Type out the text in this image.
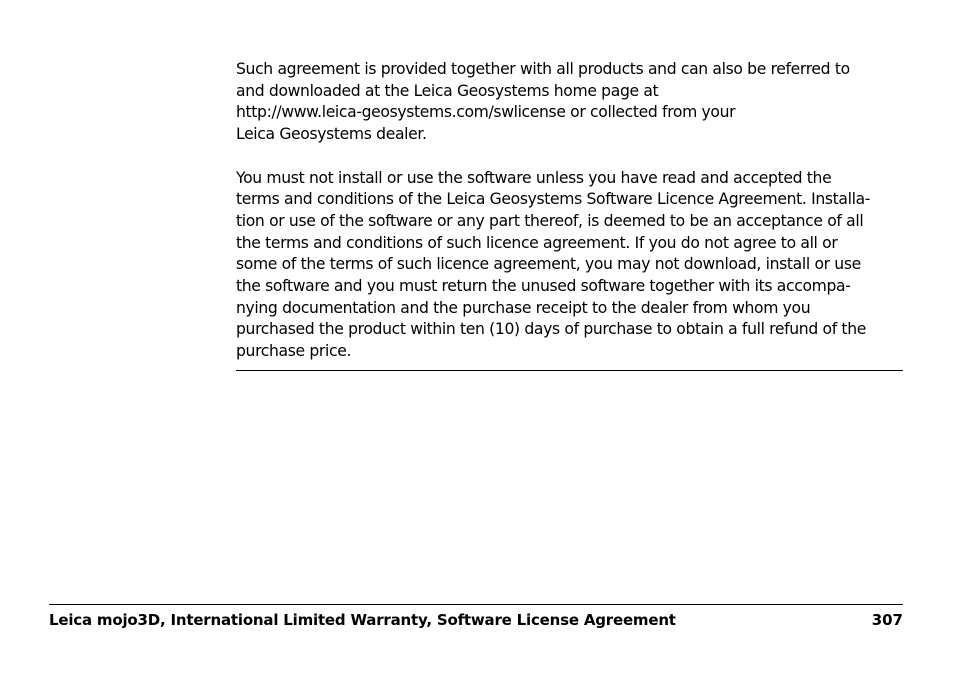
Such agreement is provided together with all products and can also be referred to
and downloaded at the Leica Geosystems home page at
http://www.leica-geosystems.com/swlicense or collected from your
Leica Geosystems dealer.
You must not install or use the software unless you have read and accepted the
terms and conditions of the Leica Geosystems Software Licence Agreement. Installa-
tion or use of the software or any part thereof, is deemed to be an acceptance of all
the terms and conditions of such licence agreement. If you do not agree to all or
some of the terms of such licence agreement, you may not download, install or use
the software and you must return the unused software together with its accompa-
nying documentation and the purchase receipt to the dealer from whom you
purchased the product within ten (10) days of purchase to obtain a full refund of the
purchase price.
Leica mojo3D, International Limited Warranty, Software License Agreement	307
